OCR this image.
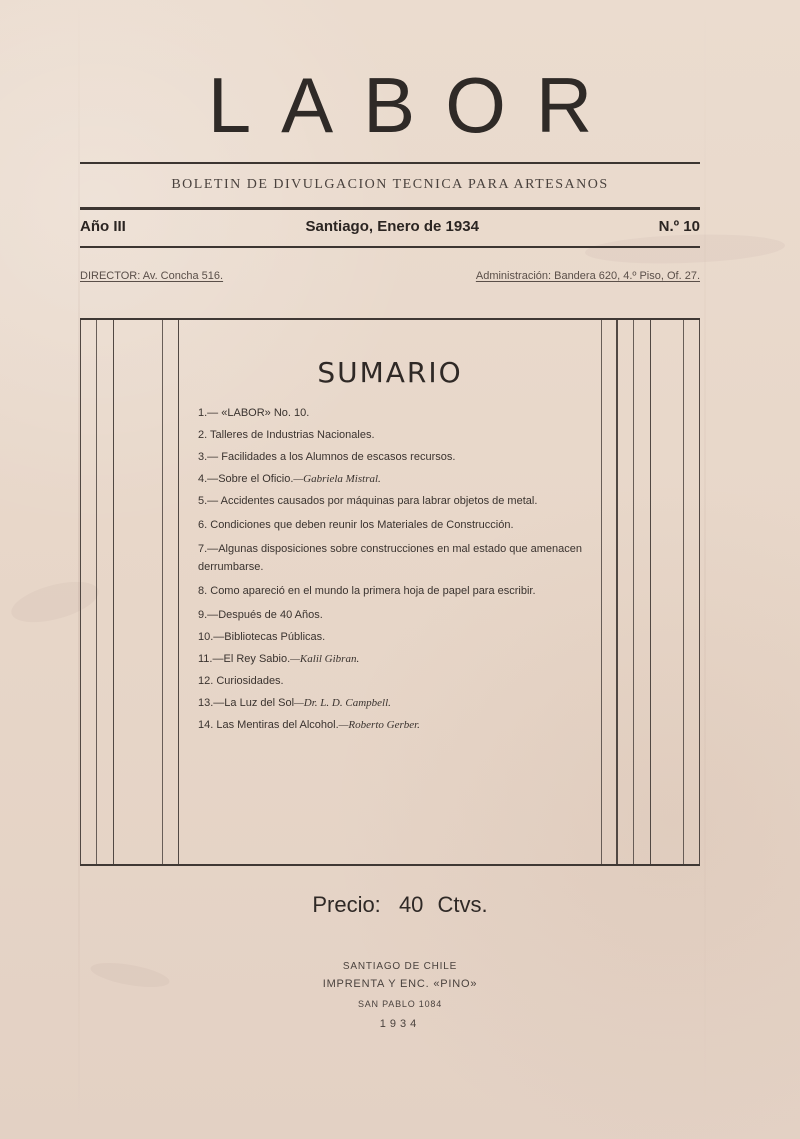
LABOR
BOLETIN DE DIVULGACION TECNICA PARA ARTESANOS
Año III	Santiago, Enero de 1934	N.º 10
DIRECTOR: Av. Concha 516.	Administración: Bandera 620, 4.º Piso, Of. 27.
SUMARIO
1.— «LABOR» No. 10.
2. Talleres de Industrias Nacionales.
3.— Facilidades a los Alumnos de escasos recursos.
4.—Sobre el Oficio.—Gabriela Mistral.
5.— Accidentes causados por máquinas para labrar objetos de metal.
6. Condiciones que deben reunir los Materiales de Construcción.
7.—Algunas disposiciones sobre construcciones en mal estado que amenacen derrumbarse.
8. Como apareció en el mundo la primera hoja de papel para escribir.
9.—Después de 40 Años.
10.—Bibliotecas Públicas.
11.—El Rey Sabio.—Kalil Gibran.
12. Curiosidades.
13.—La Luz del Sol—Dr. L. D. Campbell.
14. Las Mentiras del Alcohol.—Roberto Gerber.
Precio: 40 Ctvs.
SANTIAGO DE CHILE
IMPRENTA Y ENC. «PINO»
SAN PABLO 1084
1934
